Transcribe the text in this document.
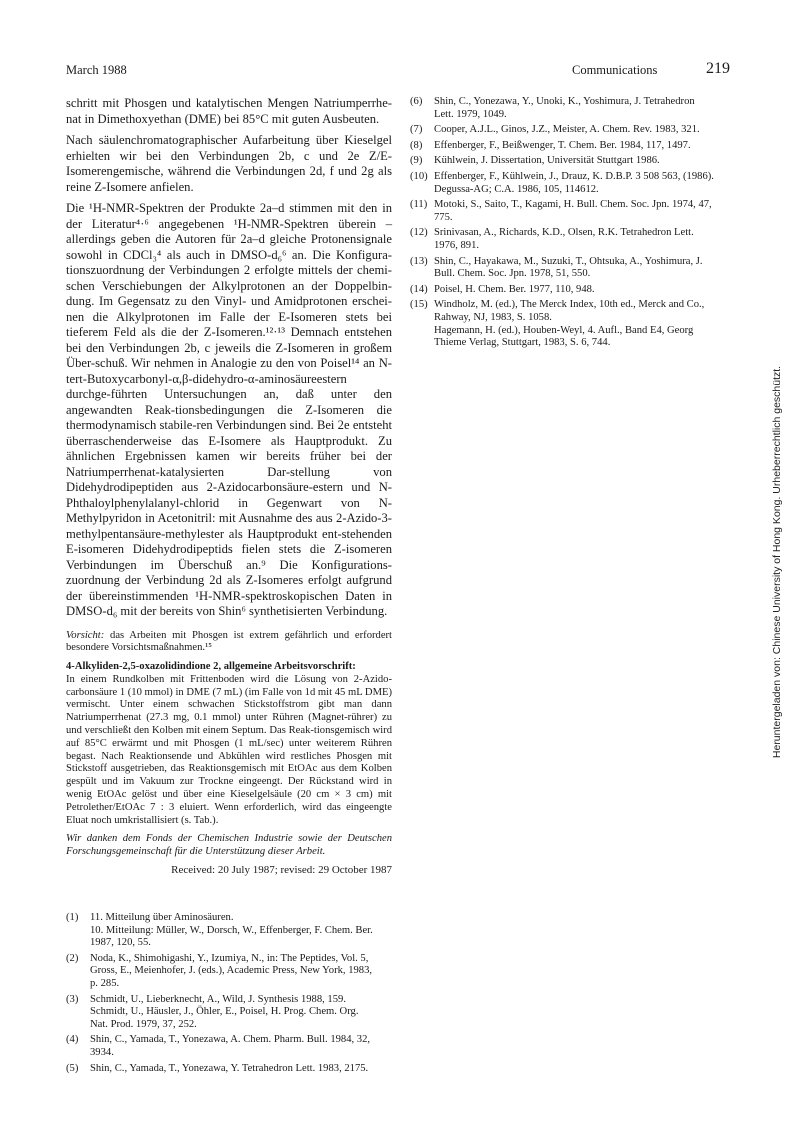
March 1988	Communications	219

schritt mit Phosgen und katalytischen Mengen Natriumperrhe-nat in Dimethoxyethan (DME) bei 85°C mit guten Ausbeuten.

Nach säulenchromatographischer Aufarbeitung über Kieselgel erhielten wir bei den Verbindungen 2b, c und 2e Z/E-Isomerengemische, während die Verbindungen 2d, f und 2g als reine Z-Isomere anfielen.

Die ¹H-NMR-Spektren der Produkte 2a–d stimmen mit den in der Literatur⁴·⁶ angegebenen ¹H-NMR-Spektren überein – allerdings geben die Autoren für 2a–d gleiche Protonensignale sowohl in CDCl₃⁴ als auch in DMSO-d₆⁶ an. Die Konfigura-tionszuordnung der Verbindungen 2 erfolgte mittels der chemi-schen Verschiebungen der Alkylprotonen an der Doppelbin-dung. Im Gegensatz zu den Vinyl- und Amidprotonen erschei-nen die Alkylprotonen im Falle der E-Isomeren stets bei tieferem Feld als die der Z-Isomeren.¹²·¹³ Demnach entstehen bei den Verbindungen 2b, c jeweils die Z-Isomeren in großem Über-schuß. Wir nehmen in Analogie zu den von Poisel¹⁴ an N-tert-Butoxycarbonyl-α,β-didehydro-α-aminosäureestern durchge-führten Untersuchungen an, daß unter den angewandten Reak-tionsbedingungen die Z-Isomeren die thermodynamisch stabile-ren Verbindungen sind. Bei 2e entsteht überraschenderweise das E-Isomere als Hauptprodukt. Zu ähnlichen Ergebnissen kamen wir bereits früher bei der Natriumperrhenat-katalysierten Dar-stellung von Didehydrodipeptiden aus 2-Azidocarbonsäure-estern und N-Phthaloylphenylalanyl-chlorid in Gegenwart von N-Methylpyridon in Acetonitril: mit Ausnahme des aus 2-Azido-3-methylpentansäure-methylester als Hauptprodukt ent-stehenden E-isomeren Didehydrodipeptids fielen stets die Z-isomeren Verbindungen im Überschuß an.⁹ Die Konfigurations-zuordnung der Verbindung 2d als Z-Isomeres erfolgt aufgrund der übereinstimmenden ¹H-NMR-spektroskopischen Daten in DMSO-d₆ mit der bereits von Shin⁶ synthetisierten Verbindung.

Vorsicht: das Arbeiten mit Phosgen ist extrem gefährlich und erfordert besondere Vorsichtsmaßnahmen.¹⁵

4-Alkyliden-2,5-oxazolidindione 2, allgemeine Arbeitsvorschrift:

In einem Rundkolben mit Frittenboden wird die Lösung von 2-Azido-carbonsäure 1 (10 mmol) in DME (7 mL) (im Falle von 1d mit 45 mL DME) vermischt. Unter einem schwachen Stickstoffstrom gibt man dann Natriumperrhenat (27.3 mg, 0.1 mmol) unter Rühren (Magnet-rührer) zu und verschließt den Kolben mit einem Septum. Das Reak-tionsgemisch wird auf 85°C erwärmt und mit Phosgen (1 mL/sec) unter weiterem Rühren begast. Nach Reaktionsende und Abkühlen wird restliches Phosgen mit Stickstoff ausgetrieben, das Reaktionsgemisch mit EtOAc aus dem Kolben gespült und im Vakuum zur Trockne eingeengt. Der Rückstand wird in wenig EtOAc gelöst und über eine Kieselgelsäule (20 cm × 3 cm) mit Petrolether/EtOAc 7 : 3 eluiert. Wenn erforderlich, wird das eingeengte Eluat noch umkristallisiert (s. Tab.).

Wir danken dem Fonds der Chemischen Industrie sowie der Deutschen Forschungsgemeinschaft für die Unterstützung dieser Arbeit.

Received: 20 July 1987; revised: 29 October 1987
(6)	Shin, C., Yonezawa, Y., Unoki, K., Yoshimura, J. Tetrahedron
Lett. 1979, 1049.
(7)	Cooper, A.J.L., Ginos, J.Z., Meister, A. Chem. Rev. 1983, 321.
(8)	Effenberger, F., Beißwenger, T. Chem. Ber. 1984, 117, 1497.
(9)	Kühlwein, J. Dissertation, Universität Stuttgart 1986.
(10) Effenberger, F., Kühlwein, J., Drauz, K. D.B.P. 3 508 563, (1986).
Degussa-AG; C.A. 1986, 105, 114612.
(11) Motoki, S., Saito, T., Kagami, H. Bull. Chem. Soc. Jpn. 1974, 47,
775.
(12) Srinivasan, A., Richards, K.D., Olsen, R.K. Tetrahedron Lett.
1976, 891.
(13) Shin, C., Hayakawa, M., Suzuki, T., Ohtsuka, A., Yoshimura, J.
Bull. Chem. Soc. Jpn. 1978, 51, 550.
(14) Poisel, H. Chem. Ber. 1977, 110, 948.
(15) Windholz, M. (ed.), The Merck Index, 10th ed., Merck and Co.,
Rahway, NJ, 1983, S. 1058.
Hagemann, H. (ed.), Houben-Weyl, 4. Aufl., Band E4, Georg
Thieme Verlag, Stuttgart, 1983, S. 6, 744.
(1)	11. Mitteilung über Aminosäuren.
10. Mitteilung: Müller, W., Dorsch, W., Effenberger, F. Chem. Ber.
1987, 120, 55.
(2)	Noda, K., Shimohigashi, Y., Izumiya, N., in: The Peptides, Vol. 5,
Gross, E., Meienhofer, J. (eds.), Academic Press, New York, 1983,
p. 285.
(3)	Schmidt, U., Lieberknecht, A., Wild, J. Synthesis 1988, 159.
Schmidt, U., Häusler, J., Öhler, E., Poisel, H. Prog. Chem. Org.
Nat. Prod. 1979, 37, 252.
(4)	Shin, C., Yamada, T., Yonezawa, A. Chem. Pharm. Bull. 1984, 32,
3934.
(5)	Shin, C., Yamada, T., Yonezawa, Y. Tetrahedron Lett. 1983, 2175.
Heruntergeladen von: Chinese University of Hong Kong. Urheberrechtlich geschützt.
